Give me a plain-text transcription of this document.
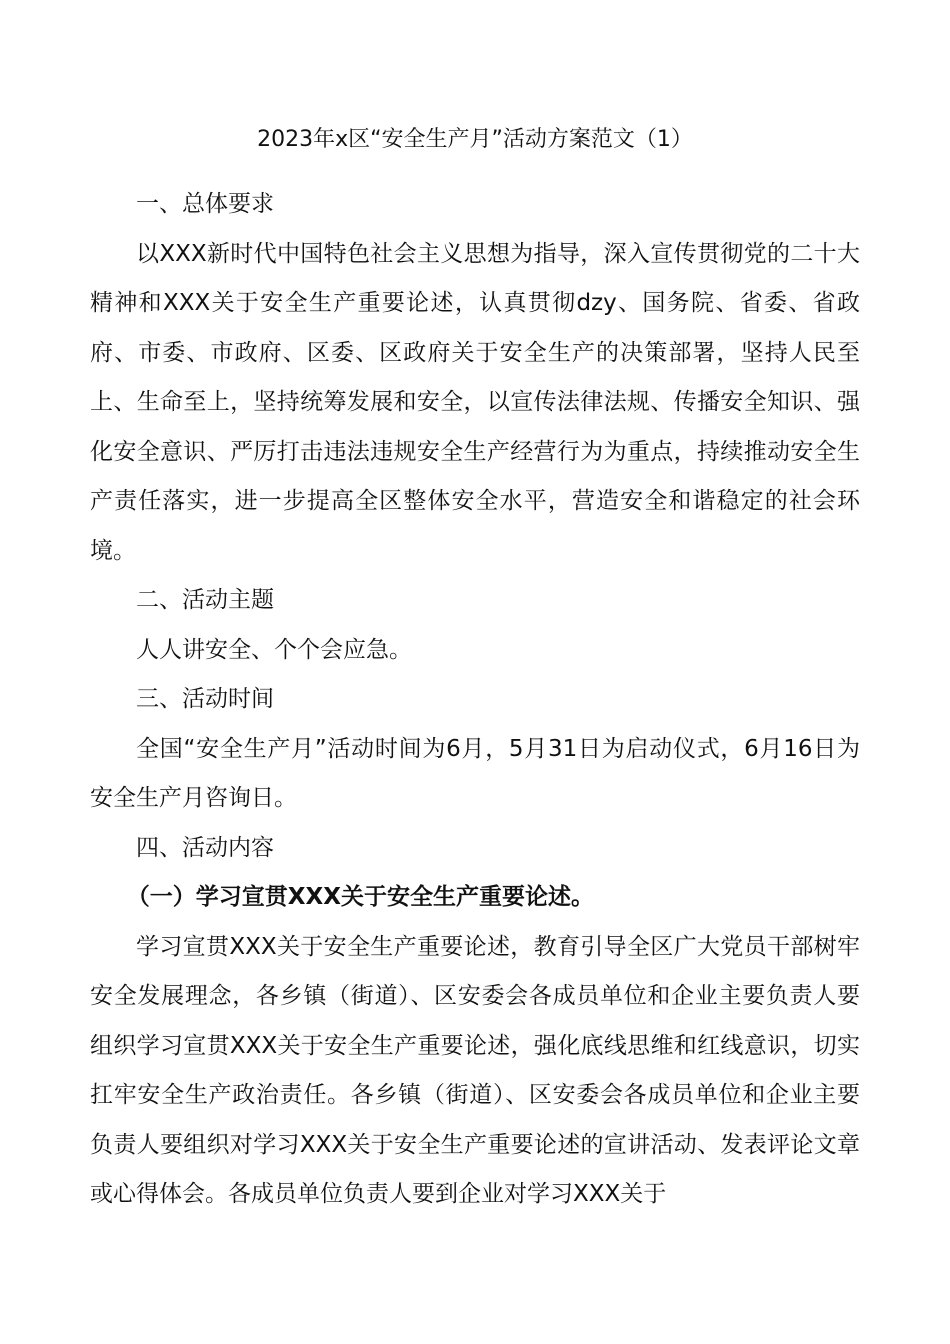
2023年x区“安全生产月”活动方案范文（1）

一、总体要求

以XXX新时代中国特色社会主义思想为指导，深入宣传贯彻党的二十大精神和XXX关于安全生产重要论述，认真贯彻dzy、国务院、省委、省政府、市委、市政府、区委、区政府关于安全生产的决策部署，坚持人民至上、生命至上，坚持统筹发展和安全，以宣传法律法规、传播安全知识、强化安全意识、严厉打击违法违规安全生产经营行为为重点，持续推动安全生产责任落实，进一步提高全区整体安全水平，营造安全和谐稳定的社会环境。

二、活动主题

人人讲安全、个个会应急。

三、活动时间

全国“安全生产月”活动时间为6月，5月31日为启动仪式，6月16日为安全生产月咨询日。

四、活动内容

（一）学习宣贯XXX关于安全生产重要论述。

学习宣贯XXX关于安全生产重要论述，教育引导全区广大党员干部树牢安全发展理念，各乡镇（街道）、区安委会各成员单位和企业主要负责人要组织学习宣贯XXX关于安全生产重要论述，强化底线思维和红线意识，切实扛牢安全生产政治责任。各乡镇（街道）、区安委会各成员单位和企业主要负责人要组织对学习XXX关于安全生产重要论述的宣讲活动、发表评论文章或心得体会。各成员单位负责人要到企业对学习XXX关于
